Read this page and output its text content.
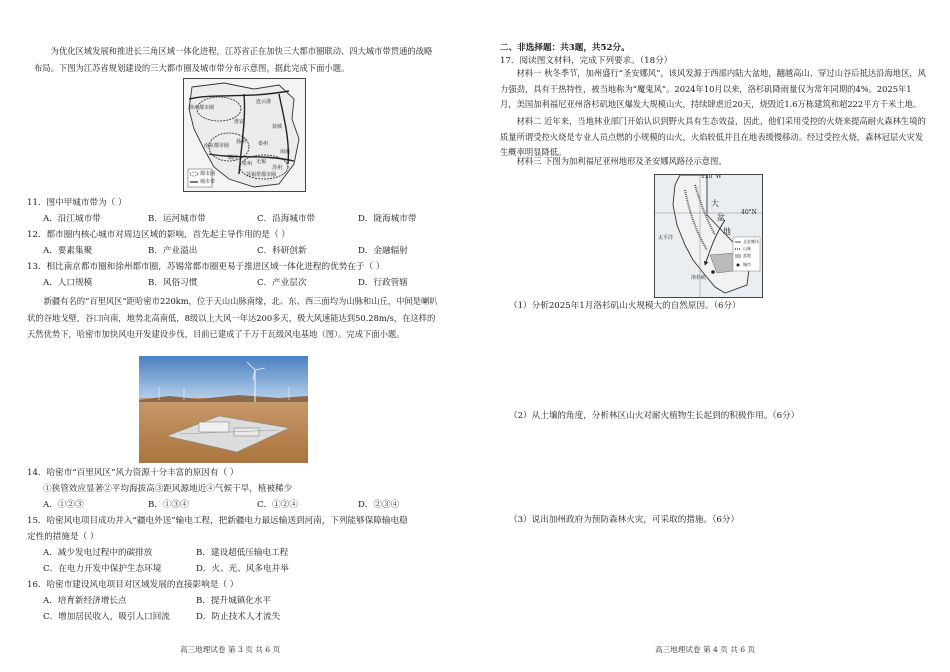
为优化区域发展和推进长三角区域一体化进程，江苏省正在加快三大都市圈联动、四大城市带贯通的战略布局。下图为江苏省规划建设的三大都市圈及城市带分布示意图，据此完成下面小题。
徐州都市圈
南京都市圈
苏锡常都市圈
连云港
淮安
盐城
扬州 泰州
南通
镇江
常州 无锡
苏州
都市圈
城市带
11．图中甲城市带为（ ）
A．沿江城市带	B．运河城市带	C．沿海城市带	D．陇海城市带
12．都市圈内核心城市对周边区域的影响，首先起主导作用的是（ ）
A．要素集聚	B．产业溢出	C．科研创新	D．金融辐射
13．相比南京都市圈和徐州都市圈，苏锡常都市圈更易于推进区域一体化进程的优势在于（ ）
A．人口规模	B．风俗习惯	C．产业层次	D．行政管辖
新疆有名的“百里风区”距哈密市220km，位于天山山脉南缘，北、东、西三面均为山脉和山丘，中间是喇叭状的谷地戈壁，谷口向南，地势北高南低，8级以上大风一年达200多天，极大风速能达到50.28m/s，在这样的天然优势下，哈密市加快风电开发建设步伐，目前已建成了千万千瓦级风电基地（图）。完成下面小题。
14．哈密市“百里风区”风力资源十分丰富的原因有（ ）
①狭管效应显著②平均海拔高③距风源地近④气候干旱，植被稀少
A．①②③	B．①③④	C．①②④	D．②③④
15．哈密风电项目成功并入“疆电外送”输电工程，把新疆电力最远输送到河南，下列能够保障输电稳
定性的措施是（ ）
A．减少发电过程中的碳排放	B．建设超低压输电工程
C．在电力开发中保护生态环境	D．火、光、风多电并举
16．哈密市建设风电项目对区域发展的直接影响是（ ）
A．培育新经济增长点	B．提升城镇化水平
C．增加居民收入，吸引人口回流	D．防止技术人才流失
高三地理试卷 第 3 页 共 6 页
二、非选择题：共3题，共52分。
17．阅读图文材料，完成下列要求。（18分）
材料一 秋冬季节，加州盛行“圣安娜风”，该风发源于西部内陆大盆地，翻越高山、穿过山谷后抵达沿海地区，风力强劲，具有干热特性，被当地称为“魔鬼风”。2024年10月以来，洛杉矶降雨量仅为常年同期的4%。2025年1月，美国加利福尼亚州洛杉矶地区爆发大规模山火，持续肆虐近20天，烧毁近1.6万栋建筑和超222平方千米土地。
材料二 近年来，当地林业部门开始认识到野火具有生态效益，因此，他们采用受控的火烧来提高耐火森林生境的质量所谓受控火烧是专业人员点燃的小规模的山火，火焰较低并且在地表缓慢移动。经过受控火烧，森林冠层火灾发生概率明显降低。
材料三 下图为加利福尼亚州地形及圣安娜风路径示意图。
120°W
40°N
大
盆
地
洛杉矶
太平洋
圣安娜风
山脉
盆地
城市
（1）分析2025年1月洛杉矶山火规模大的自然原因。（6分）
（2）从土壤的角度，分析林区山火对耐火植物生长起到的积极作用。（6分）
（3）说出加州政府为预防森林火灾，可采取的措施。（6分）
高三地理试卷 第 4 页 共 6 页
